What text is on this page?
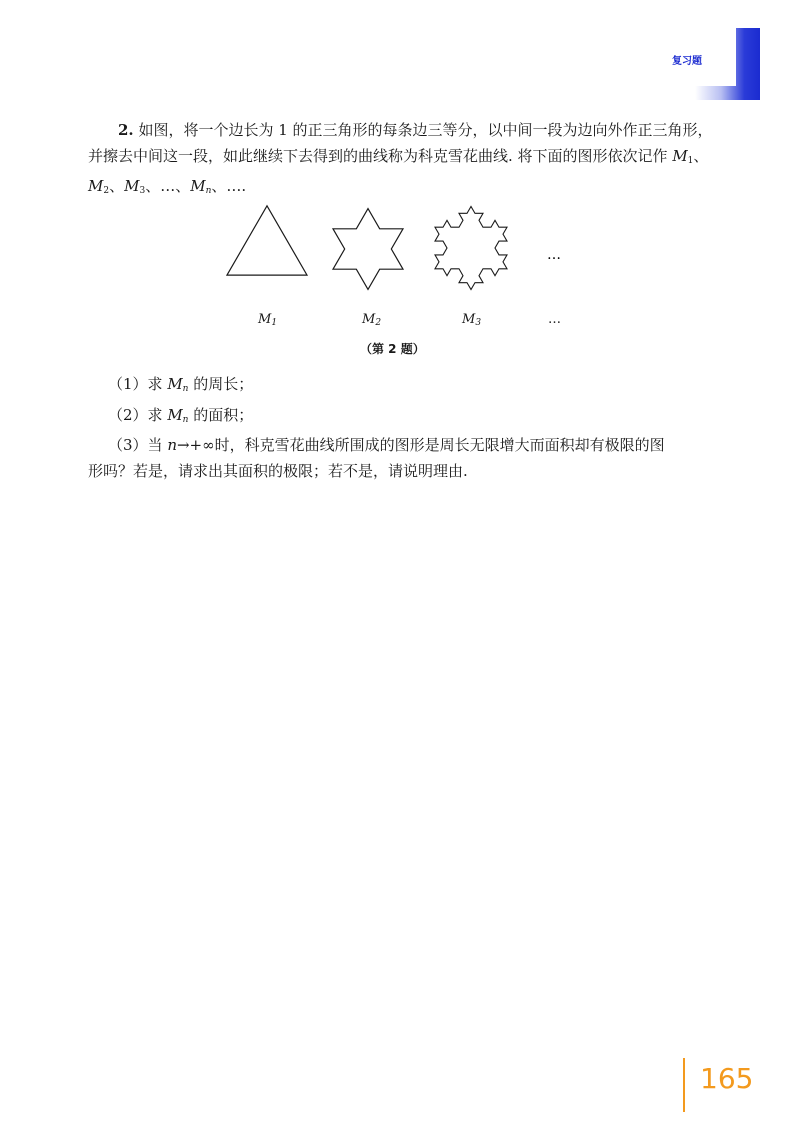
复习题

2. 如图，将一个边长为 1 的正三角形的每条边三等分，以中间一段为边向外作正三角形，并擦去中间这一段，如此继续下去得到的曲线称为科克雪花曲线. 将下面的图形依次记作 $M_1$、$M_2$、$M_3$、…、$M_n$、….

…
$M_1$	$M_2$	$M_3$	…
（第 2 题）

（1）求 $M_n$ 的周长；

（2）求 $M_n$ 的面积；

（3）当 n→+∞时，科克雪花曲线所围成的图形是周长无限增大而面积却有极限的图

形吗？若是，请求出其面积的极限；若不是，请说明理由.

165
